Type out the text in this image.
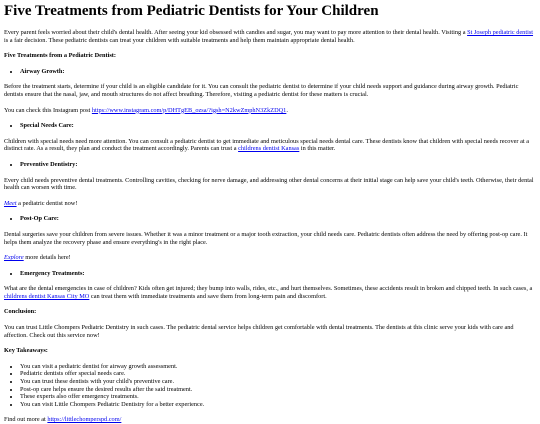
Five Treatments from Pediatric Dentists for Your Children

Every parent feels worried about their child's dental health. After seeing your kid obsessed with candies and sugar, you may want to pay more attention to their dental health. Visiting a St Joseph pediatric dentist is a fair decision. These pediatric dentists can treat your children with suitable treatments and help them maintain appropriate dental health.

Five Treatments from a Pediatric Dentist:

• Airway Growth:

Before the treatment starts, determine if your child is an eligible candidate for it. You can consult the pediatric dentist to determine if your child needs support and guidance during airway growth. Pediatric dentists ensure that the nasal, jaw, and mouth structures do not affect breathing. Therefore, visiting a pediatric dentist for these matters is crucial.

You can check this Instagram post https://www.instagram.com/p/DHTgEB_ozsa/?igsh=N2kwZmphN3ZkZDQ1.

• Special Needs Care:

Children with special needs need more attention. You can consult a pediatric dentist to get immediate and meticulous special needs dental care. These dentists know that children with special needs recover at a distinct rate. As a result, they plan and conduct the treatment accordingly. Parents can trust a childrens dentist Kansas in this matter.

• Preventive Dentistry:

Every child needs preventive dental treatments. Controlling cavities, checking for nerve damage, and addressing other dental concerns at their initial stage can help save your child's teeth. Otherwise, their dental health can worsen with time.

Meet a pediatric dentist now!

• Post-Op Care:

Dental surgeries save your children from severe issues. Whether it was a minor treatment or a major tooth extraction, your child needs care. Pediatric dentists often address the need by offering post-op care. It helps them analyze the recovery phase and ensure everything's in the right place.

Explore more details here!

• Emergency Treatments:

What are the dental emergencies in case of children? Kids often get injured; they bump into walls, rides, etc., and hurt themselves. Sometimes, these accidents result in broken and chipped teeth. In such cases, a childrens dentist Kansas City MO can treat them with immediate treatments and save them from long-term pain and discomfort.

Conclusion:

You can trust Little Chompers Pediatric Dentistry in such cases. The pediatric dental service helps children get comfortable with dental treatments. The dentists at this clinic serve your kids with care and affection. Check out this service now!

Key Takeaways:

• You can visit a pediatric dentist for airway growth assessment.
• Pediatric dentists offer special needs care.
• You can trust these dentists with your child's preventive care.
• Post-op care helps ensure the desired results after the said treatment.
• These experts also offer emergency treatments.
• You can visit Little Chompers Pediatric Dentistry for a better experience.

Find out more at https://littlechomperspd.com/
